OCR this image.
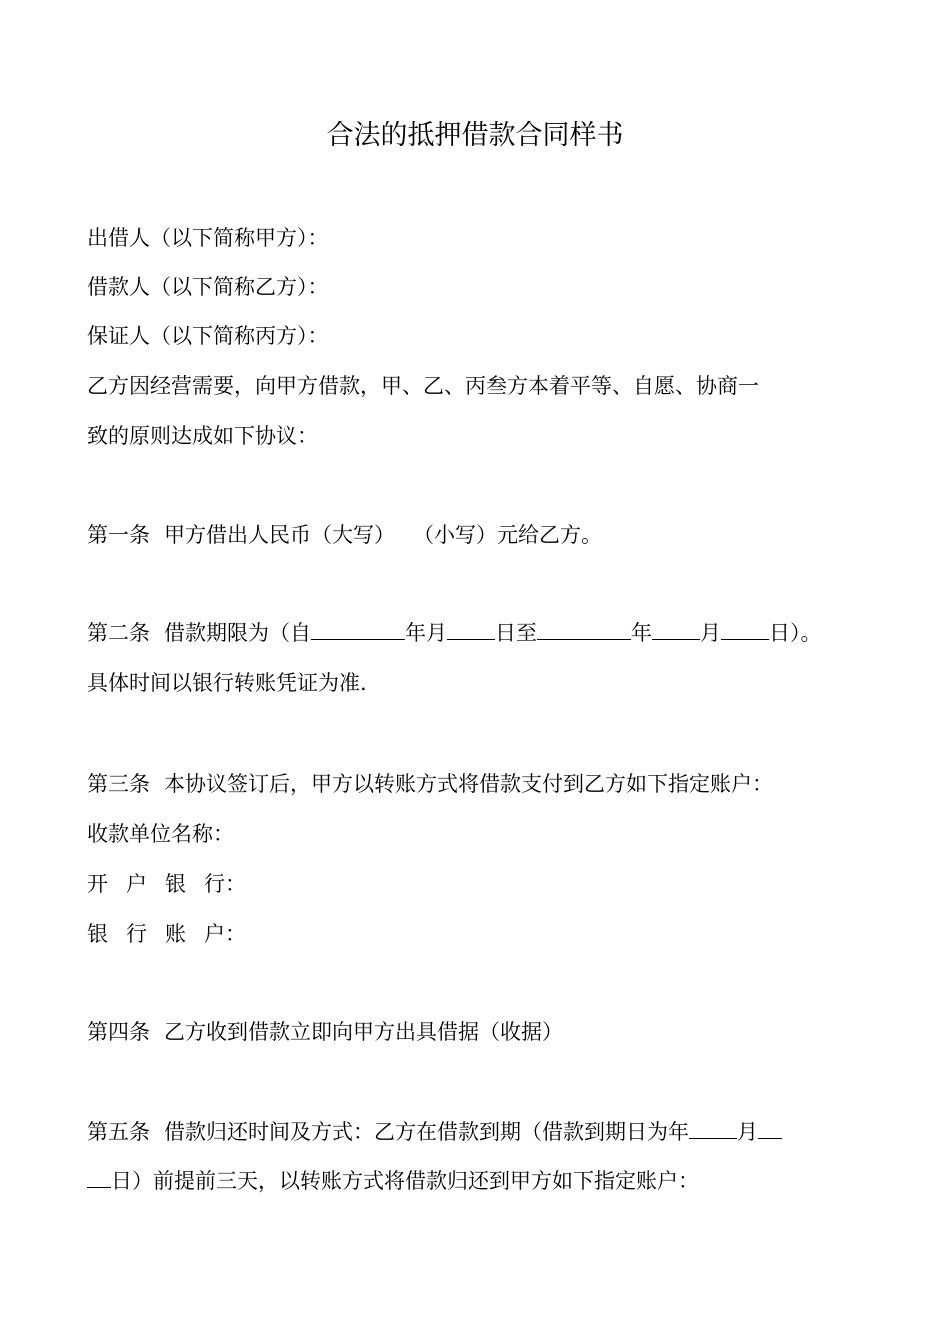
合法的抵押借款合同样书
出借人（以下简称甲方）：
借款人（以下简称乙方）：
保证人（以下简称丙方）：
乙方因经营需要，向甲方借款，甲、乙、丙叁方本着平等、自愿、协商一
致的原则达成如下协议：
第一条 甲方借出人民币（大写） （小写）元给乙方。
第二条 借款期限为（自	年月 日至	年 月 日）。
具体时间以银行转账凭证为准.
第三条 本协议签订后，甲方以转账方式将借款支付到乙方如下指定账户：
收款单位名称：
开 户 银 行：
银 行 账 户：
第四条 乙方收到借款立即向甲方出具借据（收据）
第五条 借款归还时间及方式：乙方在借款到期（借款到期日为年 月
日）前提前三天，以转账方式将借款归还到甲方如下指定账户：
